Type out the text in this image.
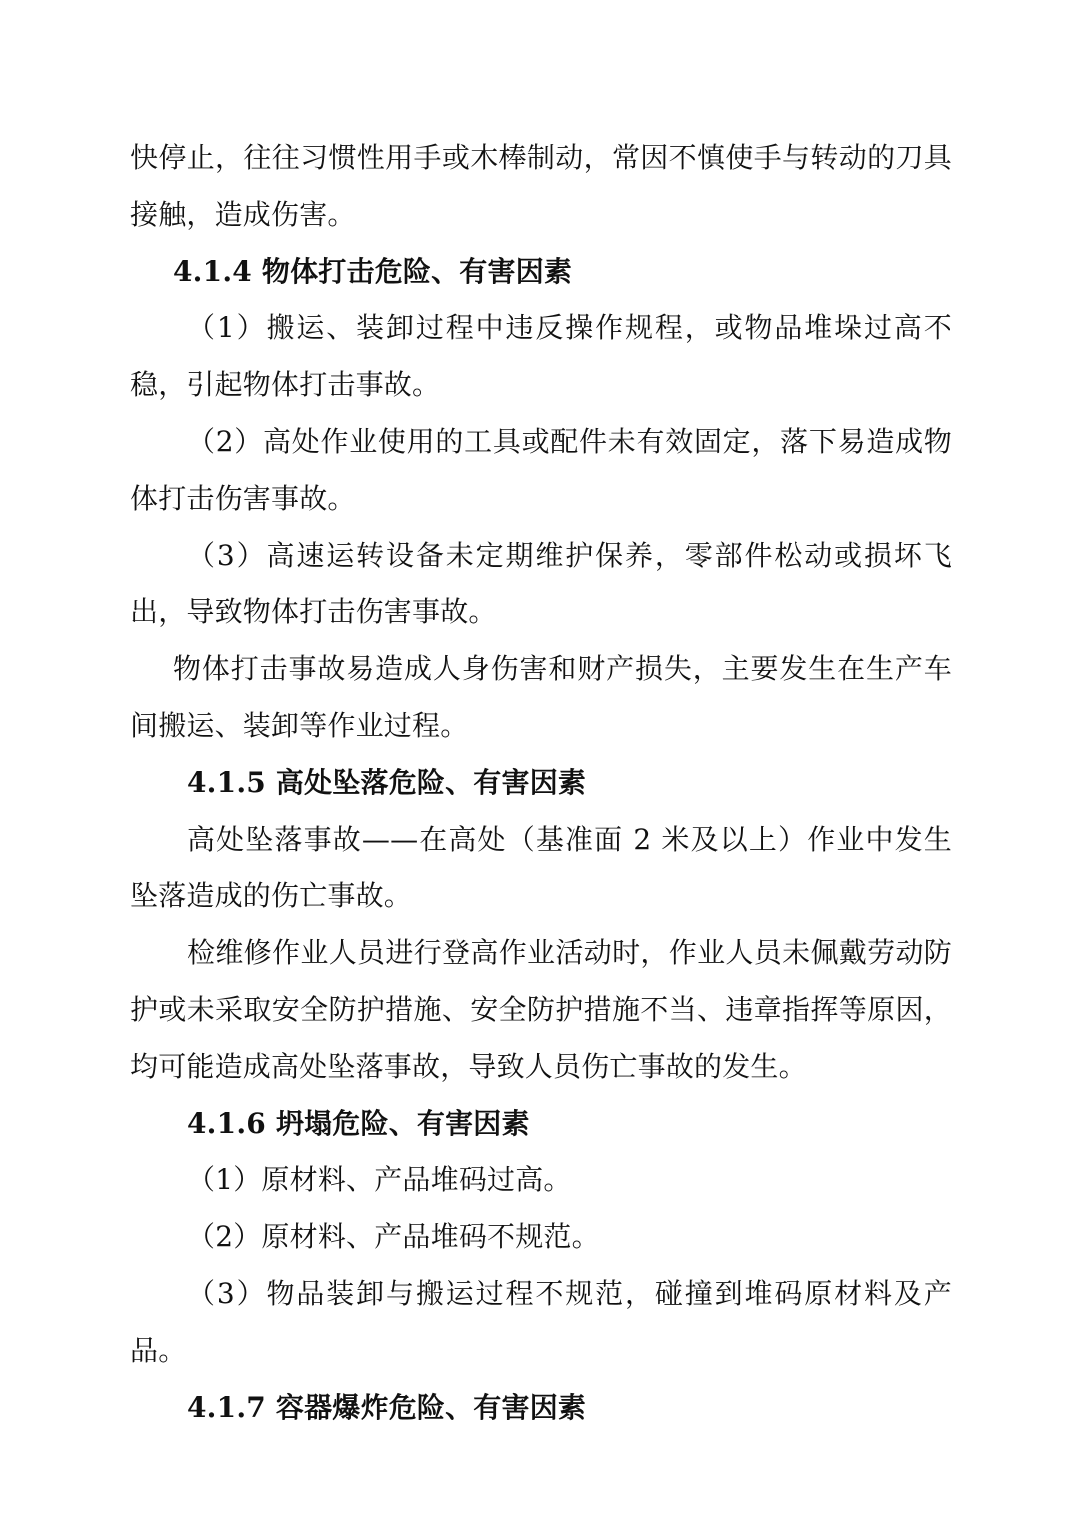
快停止，往往习惯性用手或木棒制动，常因不慎使手与转动的刀具接触，造成伤害。

4.1.4 物体打击危险、有害因素

（1）搬运、装卸过程中违反操作规程，或物品堆垛过高不稳，引起物体打击事故。

（2）高处作业使用的工具或配件未有效固定，落下易造成物体打击伤害事故。

（3）高速运转设备未定期维护保养，零部件松动或损坏飞出，导致物体打击伤害事故。

物体打击事故易造成人身伤害和财产损失，主要发生在生产车间搬运、装卸等作业过程。

4.1.5 高处坠落危险、有害因素

高处坠落事故——在高处（基准面 2 米及以上）作业中发生坠落造成的伤亡事故。

检维修作业人员进行登高作业活动时，作业人员未佩戴劳动防护或未采取安全防护措施、安全防护措施不当、违章指挥等原因，均可能造成高处坠落事故，导致人员伤亡事故的发生。

4.1.6 坍塌危险、有害因素

（1）原材料、产品堆码过高。

（2）原材料、产品堆码不规范。

（3）物品装卸与搬运过程不规范，碰撞到堆码原材料及产品。

4.1.7 容器爆炸危险、有害因素
